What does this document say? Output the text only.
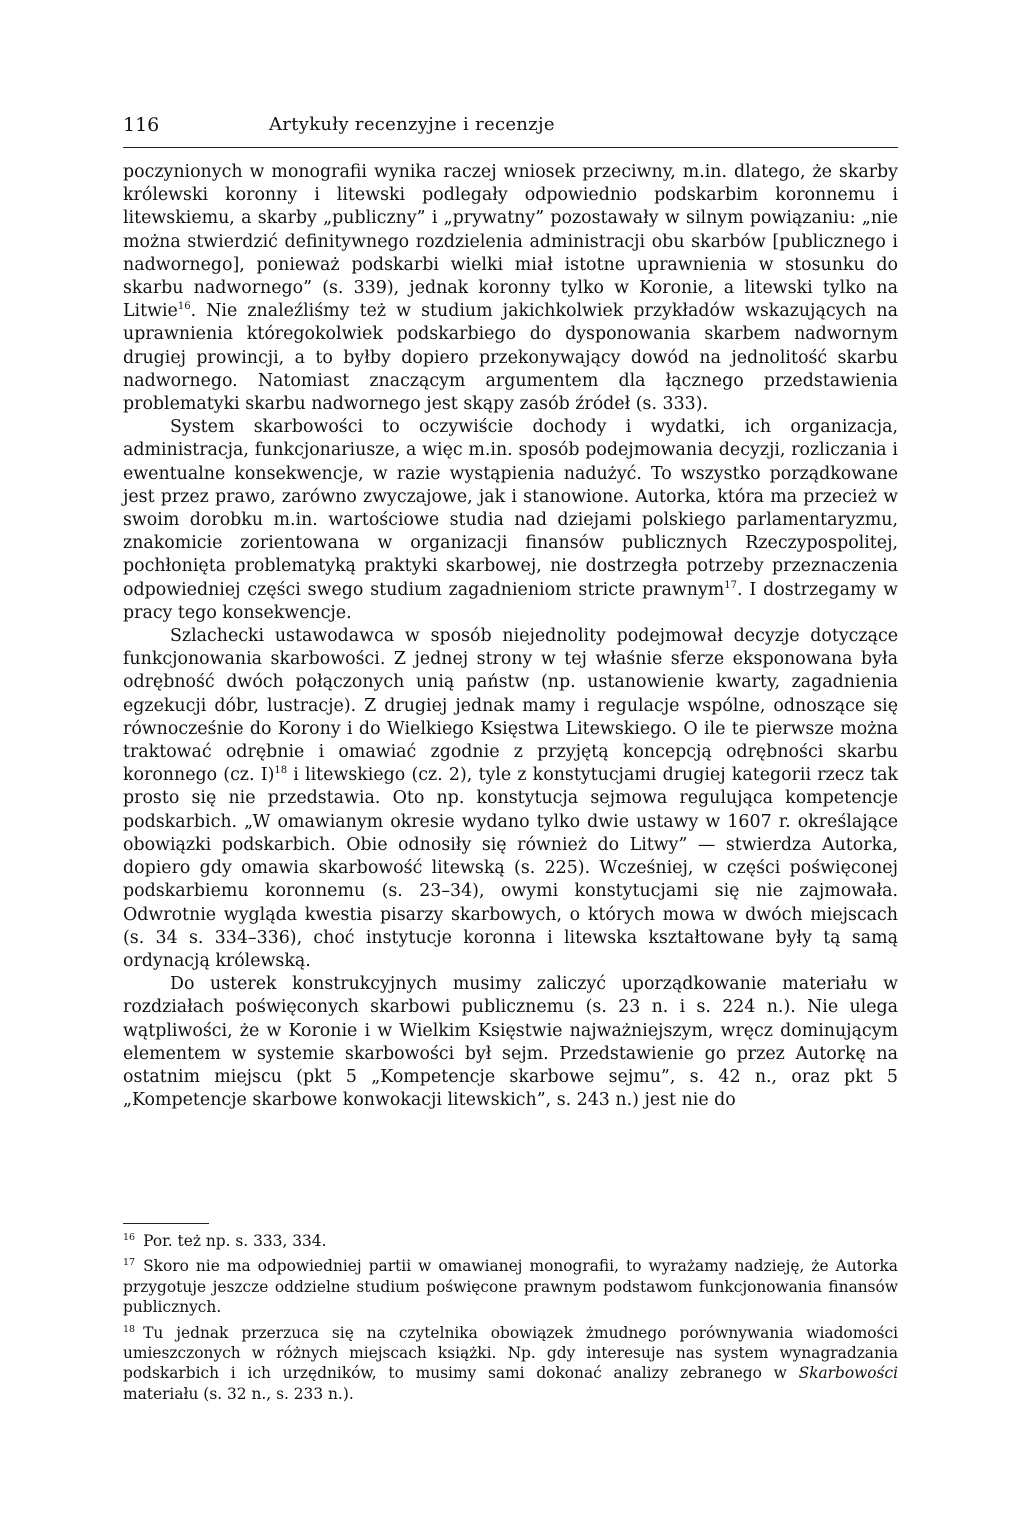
116	Artykuły recenzyjne i recenzje

poczynionych w monografii wynika raczej wniosek przeciwny, m.in. dlatego, że skarby królewski koronny i litewski podlegały odpowiednio podskarbim koronnemu i litewskiemu, a skarby „publiczny” i „prywatny” pozostawały w silnym powiązaniu: „nie można stwierdzić definitywnego rozdzielenia administracji obu skarbów [publicznego i nadwornego], ponieważ podskarbi wielki miał istotne uprawnienia w stosunku do skarbu nadwornego” (s. 339), jednak koronny tylko w Koronie, a litewski tylko na Litwie$^{16}$. Nie znaleźliśmy też w studium jakichkolwiek przykładów wskazujących na uprawnienia któregokolwiek podskarbiego do dysponowania skarbem nadwornym drugiej prowincji, a to byłby dopiero przekonywający dowód na jednolitość skarbu nadwornego. Natomiast znaczącym argumentem dla łącznego przedstawienia problematyki skarbu nadwornego jest skąpy zasób źródeł (s. 333).

System skarbowości to oczywiście dochody i wydatki, ich organizacja, administracja, funkcjonariusze, a więc m.in. sposób podejmowania decyzji, rozliczania i ewentualne konsekwencje, w razie wystąpienia nadużyć. To wszystko porządkowane jest przez prawo, zarówno zwyczajowe, jak i stanowione. Autorka, która ma przecież w swoim dorobku m.in. wartościowe studia nad dziejami polskiego parlamentaryzmu, znakomicie zorientowana w organizacji finansów publicznych Rzeczypospolitej, pochłonięta problematyką praktyki skarbowej, nie dostrzegła potrzeby przeznaczenia odpowiedniej części swego studium zagadnieniom stricte prawnym$^{17}$. I dostrzegamy w pracy tego konsekwencje.

Szlachecki ustawodawca w sposób niejednolity podejmował decyzje dotyczące funkcjonowania skarbowości. Z jednej strony w tej właśnie sferze eksponowana była odrębność dwóch połączonych unią państw (np. ustanowienie kwarty, zagadnienia egzekucji dóbr, lustracje). Z drugiej jednak mamy i regulacje wspólne, odnoszące się równocześnie do Korony i do Wielkiego Księstwa Litewskiego. O ile te pierwsze można traktować odrębnie i omawiać zgodnie z przyjętą koncepcją odrębności skarbu koronnego (cz. I)$^{18}$ i litewskiego (cz. 2), tyle z konstytucjami drugiej kategorii rzecz tak prosto się nie przedstawia. Oto np. konstytucja sejmowa regulująca kompetencje podskarbich. „W omawianym okresie wydano tylko dwie ustawy w 1607 r. określające obowiązki podskarbich. Obie odnosiły się również do Litwy” — stwierdza Autorka, dopiero gdy omawia skarbowość litewską (s. 225). Wcześniej, w części poświęconej podskarbiemu koronnemu (s. 23–34), owymi konstytucjami się nie zajmowała. Odwrotnie wygląda kwestia pisarzy skarbowych, o których mowa w dwóch miejscach (s. 34 s. 334–336), choć instytucje koronna i litewska kształtowane były tą samą ordynacją królewską.

Do usterek konstrukcyjnych musimy zaliczyć uporządkowanie materiału w rozdziałach poświęconych skarbowi publicznemu (s. 23 n. i s. 224 n.). Nie ulega wątpliwości, że w Koronie i w Wielkim Księstwie najważniejszym, wręcz dominującym elementem w systemie skarbowości był sejm. Przedstawienie go przez Autorkę na ostatnim miejscu (pkt 5 „Kompetencje skarbowe sejmu”, s. 42 n., oraz pkt 5 „Kompetencje skarbowe konwokacji litewskich”, s. 243 n.) jest nie do

$^{16}$ Por. też np. s. 333, 334.

$^{17}$ Skoro nie ma odpowiedniej partii w omawianej monografii, to wyrażamy nadzieję, że Autorka przygotuje jeszcze oddzielne studium poświęcone prawnym podstawom funkcjonowania finansów publicznych.

$^{18}$ Tu jednak przerzuca się na czytelnika obowiązek żmudnego porównywania wiadomości umieszczonych w różnych miejscach książki. Np. gdy interesuje nas system wynagradzania podskarbich i ich urzędników, to musimy sami dokonać analizy zebranego w Skarbowości materiału (s. 32 n., s. 233 n.).
